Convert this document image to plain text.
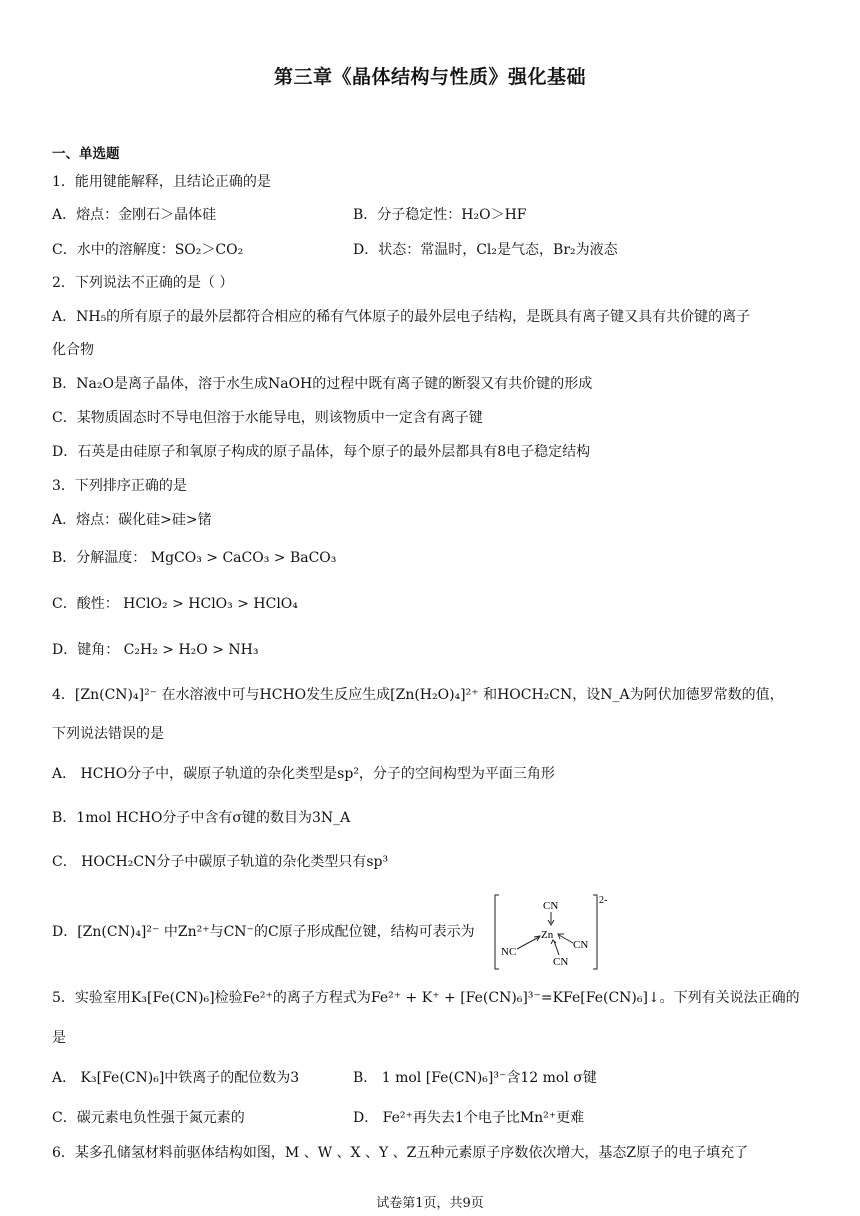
第三章《晶体结构与性质》强化基础
一、单选题
1．能用键能解释，且结论正确的是
A．熔点：金刚石＞晶体硅	B．分子稳定性：H₂O＞HF
C．水中的溶解度：SO₂＞CO₂	D．状态：常温时，Cl₂是气态，Br₂为液态
2．下列说法不正确的是（ ）
A．NH₅的所有原子的最外层都符合相应的稀有气体原子的最外层电子结构，是既具有离子键又具有共价键的离子
化合物
B．Na₂O是离子晶体，溶于水生成NaOH的过程中既有离子键的断裂又有共价键的形成
C．某物质固态时不导电但溶于水能导电，则该物质中一定含有离子键
D．石英是由硅原子和氧原子构成的原子晶体，每个原子的最外层都具有8电子稳定结构
3．下列排序正确的是
A．熔点：碳化硅>硅>锗
B．分解温度： MgCO₃ > CaCO₃ > BaCO₃
C．酸性： HClO₂ > HClO₃ > HClO₄
D．键角： C₂H₂ > H₂O > NH₃
4．[Zn(CN)₄]²⁻ 在水溶液中可与HCHO发生反应生成[Zn(H₂O)₄]²⁺ 和HOCH₂CN，设N_A为阿伏加德罗常数的值，
下列说法错误的是
A． HCHO分子中，碳原子轨道的杂化类型是sp²，分子的空间构型为平面三角形
B．1mol HCHO分子中含有σ键的数目为3N_A
C． HOCH₂CN分子中碳原子轨道的杂化类型只有sp³
D．[Zn(CN)₄]²⁻ 中Zn²⁺与CN⁻的C原子形成配位键，结构可表示为
2-
CN
Zn
NC
CN
CN
5．实验室用K₃[Fe(CN)₆]检验Fe²⁺的离子方程式为Fe²⁺ + K⁺ + [Fe(CN)₆]³⁻=KFe[Fe(CN)₆]↓。下列有关说法正确的
是
A． K₃[Fe(CN)₆]中铁离子的配位数为3	B． 1 mol [Fe(CN)₆]³⁻含12 mol σ键
C．碳元素电负性强于氮元素的	D． Fe²⁺再失去1个电子比Mn²⁺更难
6．某多孔储氢材料前驱体结构如图，M 、W 、X 、Y 、Z五种元素原子序数依次增大，基态Z原子的电子填充了
试卷第1页，共9页
